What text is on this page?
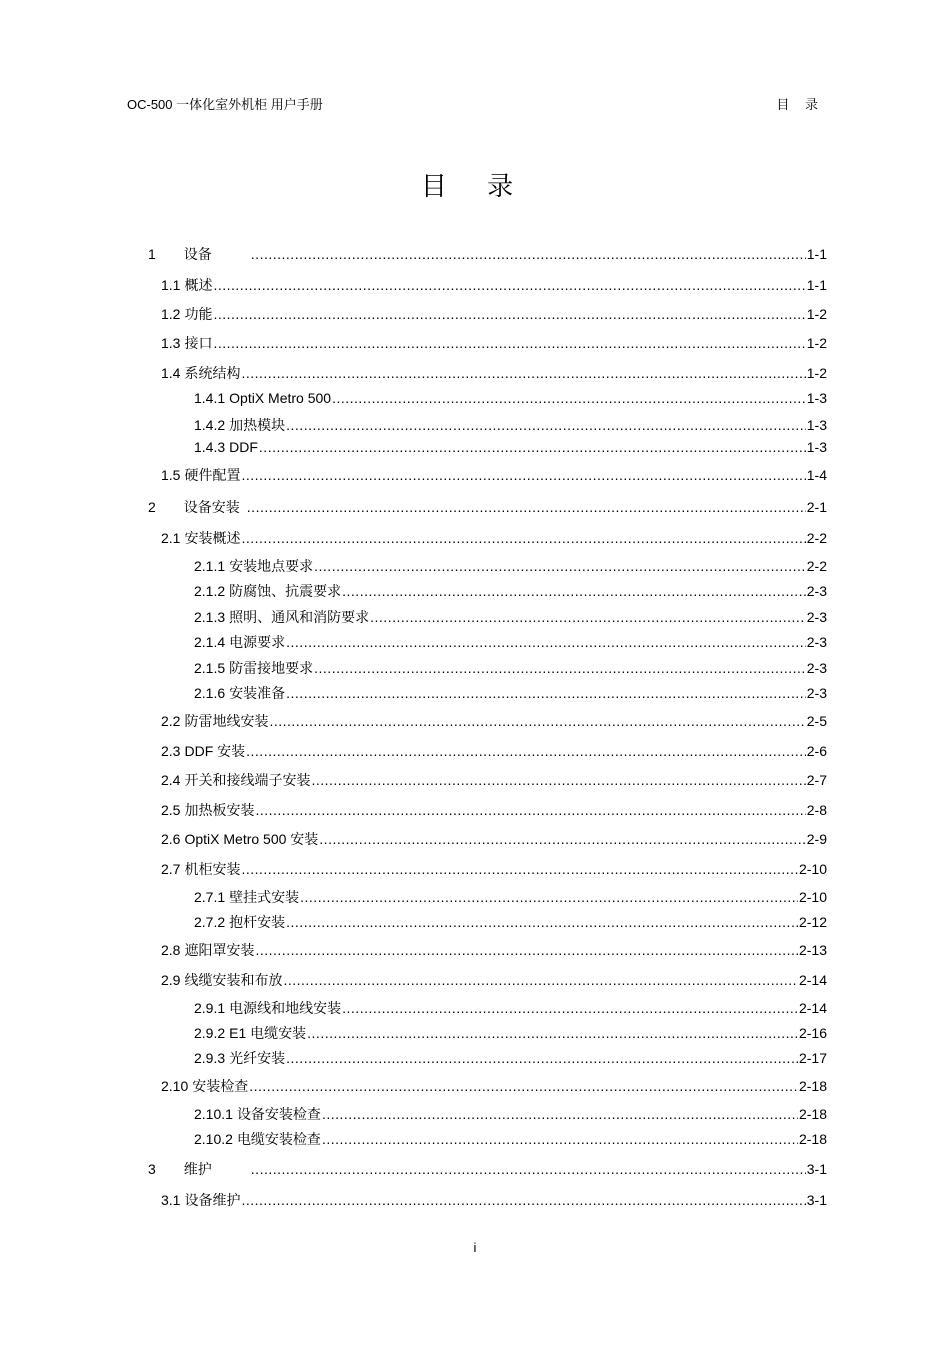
OC-500 一体化室外机柜 用户手册	目 录
目 录
1 设备 .....	1-1
1.1 概述 .....	1-1
1.2 功能 .....	1-2
1.3 接口 .....	1-2
1.4 系统结构 .....	1-2
1.4.1 OptiX Metro 500 .....	1-3
1.4.2 加热模块 .....	1-3
1.4.3 DDF .....	1-3
1.5 硬件配置 .....	1-4
2 设备安装 .....	2-1
2.1 安装概述 .....	2-2
2.1.1 安装地点要求 .....	2-2
2.1.2 防腐蚀、抗震要求 .....	2-3
2.1.3 照明、通风和消防要求 .....	2-3
2.1.4 电源要求 .....	2-3
2.1.5 防雷接地要求 .....	2-3
2.1.6 安装准备 .....	2-3
2.2 防雷地线安装 .....	2-5
2.3 DDF 安装 .....	2-6
2.4 开关和接线端子安装 .....	2-7
2.5 加热板安装 .....	2-8
2.6 OptiX Metro 500 安装 .....	2-9
2.7 机柜安装 .....	2-10
2.7.1 壁挂式安装 .....	2-10
2.7.2 抱杆安装 .....	2-12
2.8 遮阳罩安装 .....	2-13
2.9 线缆安装和布放 .....	2-14
2.9.1 电源线和地线安装 .....	2-14
2.9.2 E1 电缆安装 .....	2-16
2.9.3 光纤安装 .....	2-17
2.10 安装检查 .....	2-18
2.10.1 设备安装检查 .....	2-18
2.10.2 电缆安装检查 .....	2-18
3 维护 .....	3-1
3.1 设备维护 .....	3-1
i
